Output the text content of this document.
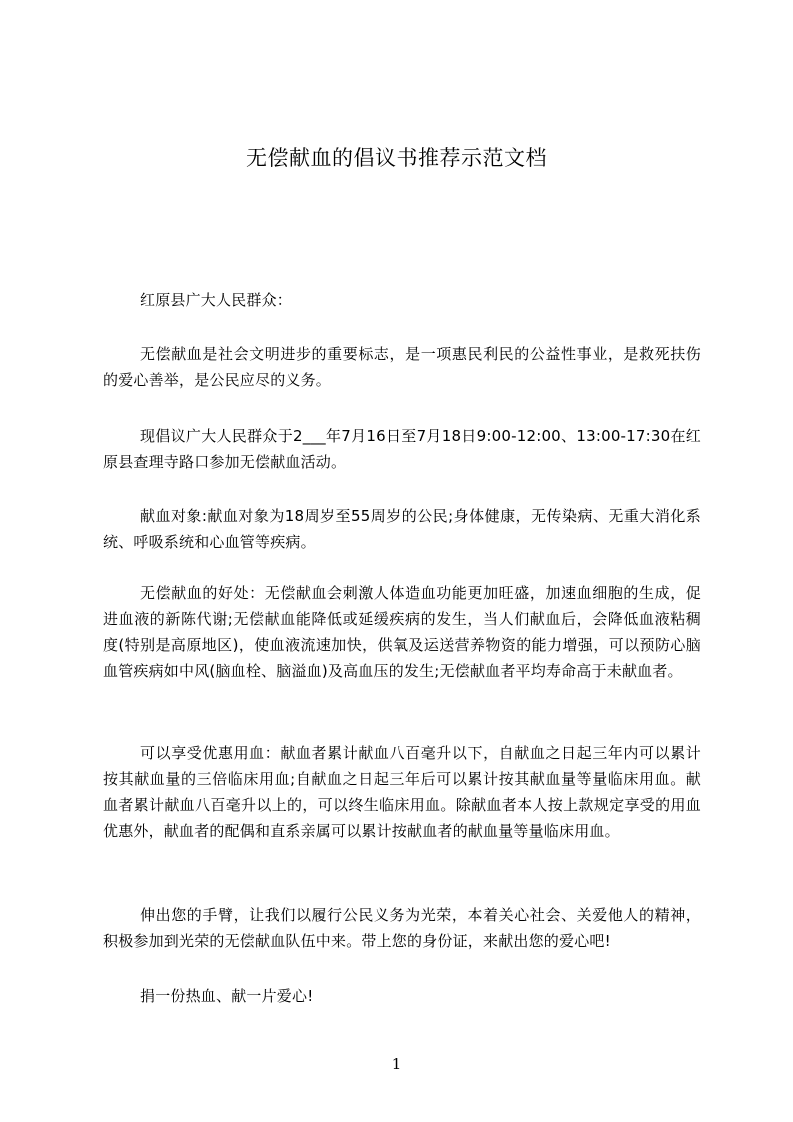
无偿献血的倡议书推荐示范文档

红原县广大人民群众：

无偿献血是社会文明进步的重要标志，是一项惠民利民的公益性事业，是救死扶伤的爱心善举，是公民应尽的义务。

现倡议广大人民群众于2___年7月16日至7月18日9:00-12:00、13:00-17:30在红原县查理寺路口参加无偿献血活动。

献血对象:献血对象为18周岁至55周岁的公民;身体健康，无传染病、无重大消化系统、呼吸系统和心血管等疾病。

无偿献血的好处：无偿献血会刺激人体造血功能更加旺盛，加速血细胞的生成，促进血液的新陈代谢;无偿献血能降低或延缓疾病的发生，当人们献血后，会降低血液粘稠度(特别是高原地区)，使血液流速加快，供氧及运送营养物资的能力增强，可以预防心脑血管疾病如中风(脑血栓、脑溢血)及高血压的发生;无偿献血者平均寿命高于未献血者。

可以享受优惠用血：献血者累计献血八百毫升以下，自献血之日起三年内可以累计按其献血量的三倍临床用血;自献血之日起三年后可以累计按其献血量等量临床用血。献血者累计献血八百毫升以上的，可以终生临床用血。除献血者本人按上款规定享受的用血优惠外，献血者的配偶和直系亲属可以累计按献血者的献血量等量临床用血。

伸出您的手臂，让我们以履行公民义务为光荣，本着关心社会、关爱他人的精神，积极参加到光荣的无偿献血队伍中来。带上您的身份证，来献出您的爱心吧!

捐一份热血、献一片爱心!

1
